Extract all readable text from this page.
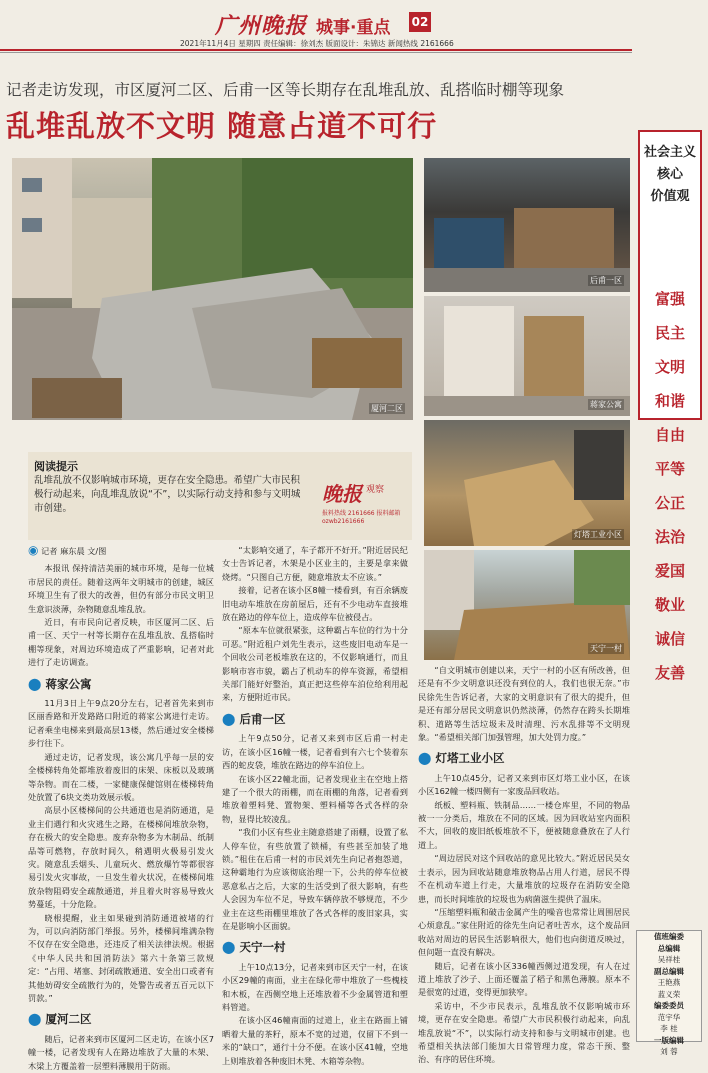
广州晚报 城事·重点 02
2021年11月4日 星期四 责任编辑：徐刘杰 版面设计：朱锦达 新闻热线 2161666
记者走访发现，市区厦河二区、后甫一区等长期存在乱堆乱放、乱搭临时棚等现象
乱堆乱放不文明 随意占道不可行
厦河二区
后甫一区
蒋家公寓
灯塔工业小区
天宁一村
社会主义
核心
价值观
富强
民主
文明
和谐
自由
平等
公正
法治
爱国
敬业
诚信
友善
阅读提示
乱堆乱放不仅影响城市环境，更存在安全隐患。希望广大市民积极行动起来，向乱堆乱放说“不”，以实际行动支持和参与文明城市创建。
晚报 观察
报料热线 2161666 报料邮箱 ozwb2161666
◉ 记者 麻东晨 文/图

本报讯 保持清洁美丽的城市环境，是每一位城市居民的责任。随着这两年文明城市的创建，城区环境卫生有了很大的改善，但仍有部分市民文明卫生意识淡薄，杂物随意乱堆乱放。

近日，有市民向记者反映，市区厦河二区、后甫一区、天宁一村等长期存在乱堆乱放、乱搭临时棚等现象，对周边环境造成了严重影响，记者对此进行了走访调查。

⬤ 蒋家公寓

11月3日上午9点20分左右，记者首先来到市区丽香路和开发路路口附近的蒋家公寓进行走访。记者乘坐电梯来到最高层13楼，然后通过安全楼梯步行往下。

通过走访，记者发现，该公寓几乎每一层的安全楼梯转角处都堆放着废旧的床架、床板以及玻璃等杂物。而在二楼，一家健康保健馆则在楼梯转角处放置了6块文类功效展示板。

高层小区楼梯间的公共通道也是消防通道，是业主们遇行和火灾逃生之路，在楼梯间堆放杂物，存在极大的安全隐患。废弃杂物多为木制品、纸制品等可燃物，存放时间久，稍遇明火极易引发火灾。随意乱丢烟头、儿童玩火、燃放爆竹等都很容易引发火灾事故，一旦发生着火状况，在楼梯间堆放杂物阻碍安全疏散通道，并且着火时容易导致火势蔓延，十分危险。

晓根提醒，业主如果碰到消防通道被堵的行为，可以向消防部门举报。另外，楼梯间堆满杂物不仅存在安全隐患，还违反了相关法律法规。根据《中华人民共和国消防法》第六十条第三款规定：“占用、堵塞、封闭疏散通道、安全出口或者有其他妨碍安全疏散行为的，处警告或者五百元以下罚款。”

⬤ 厦河二区

随后，记者来到市区厦河二区走访，在该小区7幢一楼，记者发现有人在路边堆放了大量的木架、木梁上方覆盖着一层塑料薄膜用于防雨。

“太影响交通了，车子都开不好开。”附近居民纪女士告诉记者，木架是小区业主的，主要是拿来做烧烤。“只图自己方便，随意堆放太不应该。”

接着，记者在该小区8幢一楼看到，有百余辆废旧电动车堆放在房前屋后，还有不少电动车直接堆放在路边的停车位上，造成停车位被侵占。

“原本车位就很紧张，这种霸占车位的行为十分可恶。”附近租户刘先生表示，这些废旧电动车是一个回收公司老板堆放在这的，不仅影响通行，而且影响市容市貌，霸占了机动车的停车资源，希望相关部门能好好整治，真正把这些停车泊位给利用起来，方便附近市民。

⬤ 后甫一区

上午9点50分，记者又来到市区后甫一村走访，在该小区16幢一楼，记者看到有六七个装着东西的蛇皮袋，堆放在路边的停车泊位上。

在该小区22幢北面，记者发现业主在空地上搭建了一个很大的雨棚，而在雨棚的角落，记者看到堆放着塑料凳、置物架、塑料桶等各式各样的杂物，显得比较凌乱。

“我们小区有些业主随意搭建了雨棚，设置了私人停车位，有些放置了锁桶，有些甚至加装了地锁。”租住在后甫一村的市民刘先生向记者抱怨道，这种霸地行为应该彻底治理一下，公共的停车位被恶意私占之后，大家的生活受到了很大影响，有些人会因为车位不足，导致车辆停放不够规范，不少业主在这些雨棚里堆放了各式各样的废旧家具，实在是影响小区面貌。

⬤ 天宁一村

上午10点13分，记者来到市区天宁一村，在该小区29幢的南面，业主在绿化带中堆放了一些槐枝和木板，在西侧空地上还堆放着不少金属管道和塑料管道。

在该小区46幢南面的过道上，业主在路面上铺晒着大量的茶籽，原本不宽的过道，仅留下不到一米的“缺口”，通行十分不便。在该小区41幢，空地上则堆放着各种废旧木凳、木箱等杂物。

“自文明城市创建以来，天宁一村的小区有所改善，但还是有不少文明意识还没有到位的人，我们也很无奈。”市民徐先生告诉记者，大家的文明意识有了很大的提升，但是还有部分居民文明意识仍然淡薄，仍然存在跨头长期堆积、道路等生活垃圾未及时清理、污水乱排等不文明现象。“希望相关部门加强管理，加大处罚力度。”

⬤ 灯塔工业小区

上午10点45分，记者又来到市区灯塔工业小区，在该小区162幢一楼四侧有一家废品回收站。

纸板、塑料瓶、铁制品……一楼仓库里，不同的物品被一一分类后，堆放在不同的区域。因为回收站室内面积不大，回收的废旧纸板堆放不下，便被随意叠放在了人行道上。

“周边居民对这个回收站的意见比较大。”附近居民吴女士表示，因为回收站随意堆放物品占用人行道，居民不得不在机动车道上行走，大量堆放的垃圾存在消防安全隐患，而长时间堆放的垃圾也为病菌滋生提供了温床。

“压缩塑料瓶和破击金属产生的噪音也常常让周围居民心烦意乱。”家住附近的徐先生向记者吐苦水，这个废品回收站对周边的居民生活影响很大，他们也向街道反映过，但问题一直没有解决。

随后，记者在该小区336幢西侧过道发现，有人在过道上堆放了沙子、上面还覆盖了稻子和黑色薄膜。原本不是很宽的过道，变得更加狭窄。

采访中，不少市民表示，乱堆乱放不仅影响城市环境，更存在安全隐患。希望广大市民积极行动起来，向乱堆乱放说“不”，以实际行动支持和参与文明城市创建。也希望相关执法部门能加大日常管理力度，常态干预、整治、有序的居住环境。

值班编委
总编辑
吴祥桂
副总编辑
王艳燕
蓝义荣
编委委员
范宇华
李 桂
一版编辑
刘 蓉
